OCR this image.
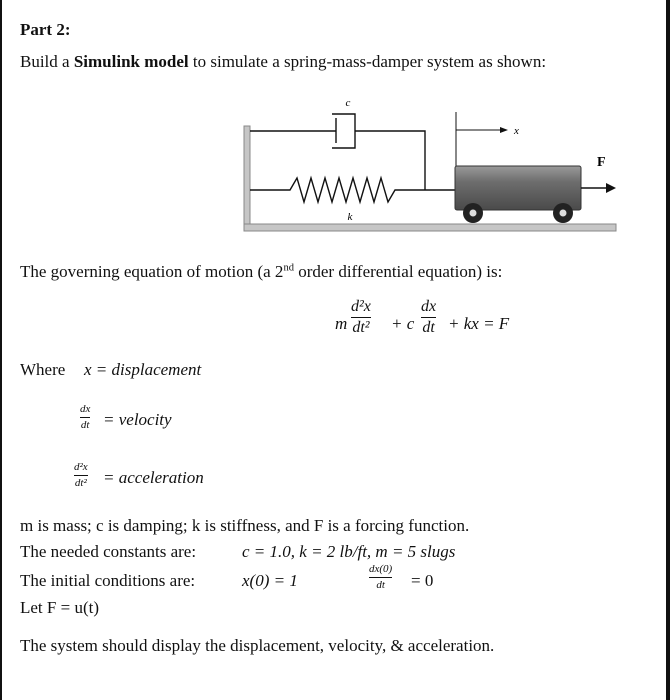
Part 2:
Build a Simulink model to simulate a spring-mass-damper system as shown:
c
k
x
F
The governing equation of motion (a 2nd order differential equation) is:
m
d²x
dt² + c
dx
dt + kx = F
Where x = displacement
dx
dt = velocity
d²x
dt² = acceleration
m is mass; c is damping; k is stiffness, and F is a forcing function.
The needed constants are:	c = 1.0, k = 2 lb/ft, m = 5 slugs
The initial conditions are:	x(0) = 1
dx(0)
dt = 0
Let F = u(t)
The system should display the displacement, velocity, & acceleration.
